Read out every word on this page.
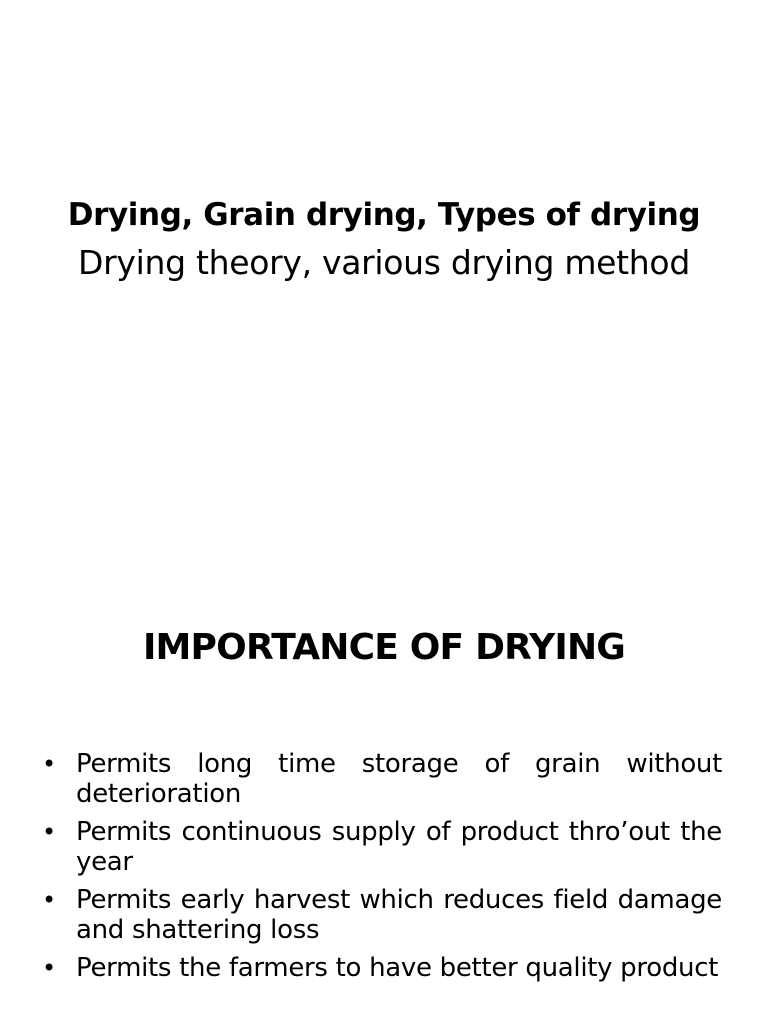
Drying, Grain drying, Types of drying

Drying theory, various drying method

IMPORTANCE OF DRYING
• Permits long time storage of grain without deterioration
• Permits continuous supply of product thro’out the year
• Permits early harvest which reduces field damage and shattering loss
• Permits the farmers to have better quality product
